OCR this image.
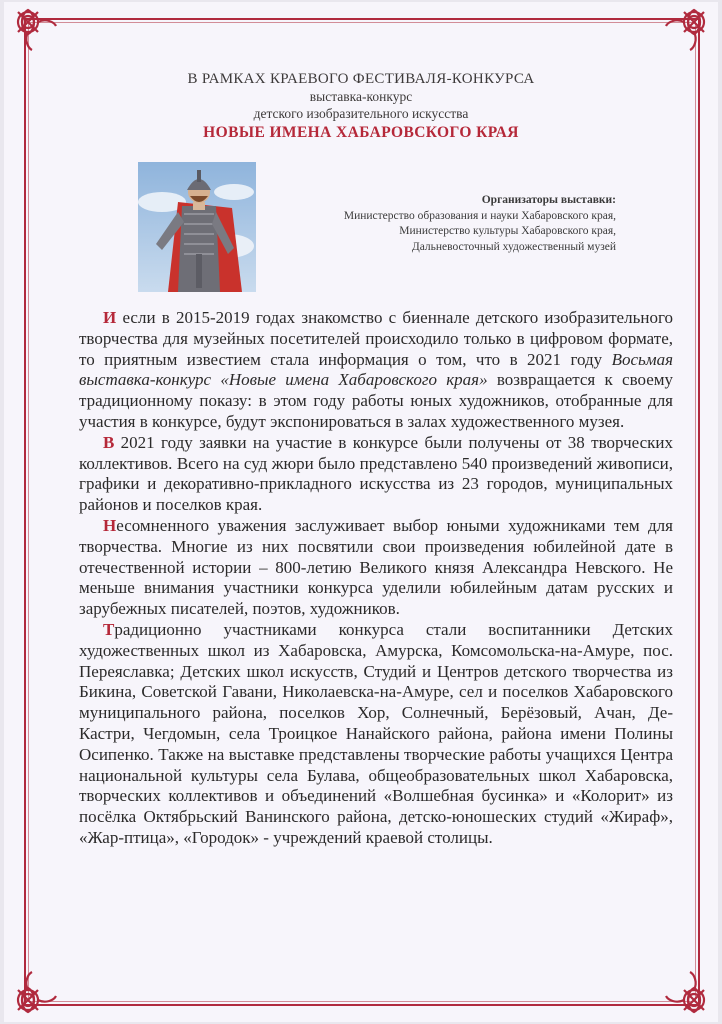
В РАМКАХ КРАЕВОГО ФЕСТИВАЛЯ-КОНКУРСА
выставка-конкурс
детского изобразительного искусства
НОВЫЕ ИМЕНА ХАБАРОВСКОГО КРАЯ
Организаторы выставки:
Министерство образования и науки Хабаровского края,
Министерство культуры Хабаровского края,
Дальневосточный художественный музей

И если в 2015-2019 годах знакомство с биеннале детского изобразительного творчества для музейных посетителей происходило только в цифровом формате, то приятным известием стала информация о том, что в 2021 году Восьмая выставка-конкурс «Новые имена Хабаровского края» возвращается к своему традиционному показу: в этом году работы юных художников, отобранные для участия в конкурсе, будут экспонироваться в залах художественного музея.

В 2021 году заявки на участие в конкурсе были получены от 38 творческих коллективов. Всего на суд жюри было представлено 540 произведений живописи, графики и декоративно-прикладного искусства из 23 городов, муниципальных районов и поселков края.

Несомненного уважения заслуживает выбор юными художниками тем для творчества. Многие из них посвятили свои произведения юбилейной дате в отечественной истории – 800-летию Великого князя Александра Невского. Не меньше внимания участники конкурса уделили юбилейным датам русских и зарубежных писателей, поэтов, художников.

Традиционно участниками конкурса стали воспитанники Детских художественных школ из Хабаровска, Амурска, Комсомольска-на-Амуре, пос. Переяславка; Детских школ искусств, Студий и Центров детского творчества из Бикина, Советской Гавани, Николаевска-на-Амуре, сел и поселков Хабаровского муниципального района, поселков Хор, Солнечный, Берёзовый, Ачан, Де-Кастри, Чегдомын, села Троицкое Нанайского района, района имени Полины Осипенко. Также на выставке представлены творческие работы учащихся Центра национальной культуры села Булава, общеобразовательных школ Хабаровска, творческих коллективов и объединений «Волшебная бусинка» и «Колорит» из посёлка Октябрьский Ванинского района, детско-юношеских студий «Жираф», «Жар-птица», «Городок» - учреждений краевой столицы.
